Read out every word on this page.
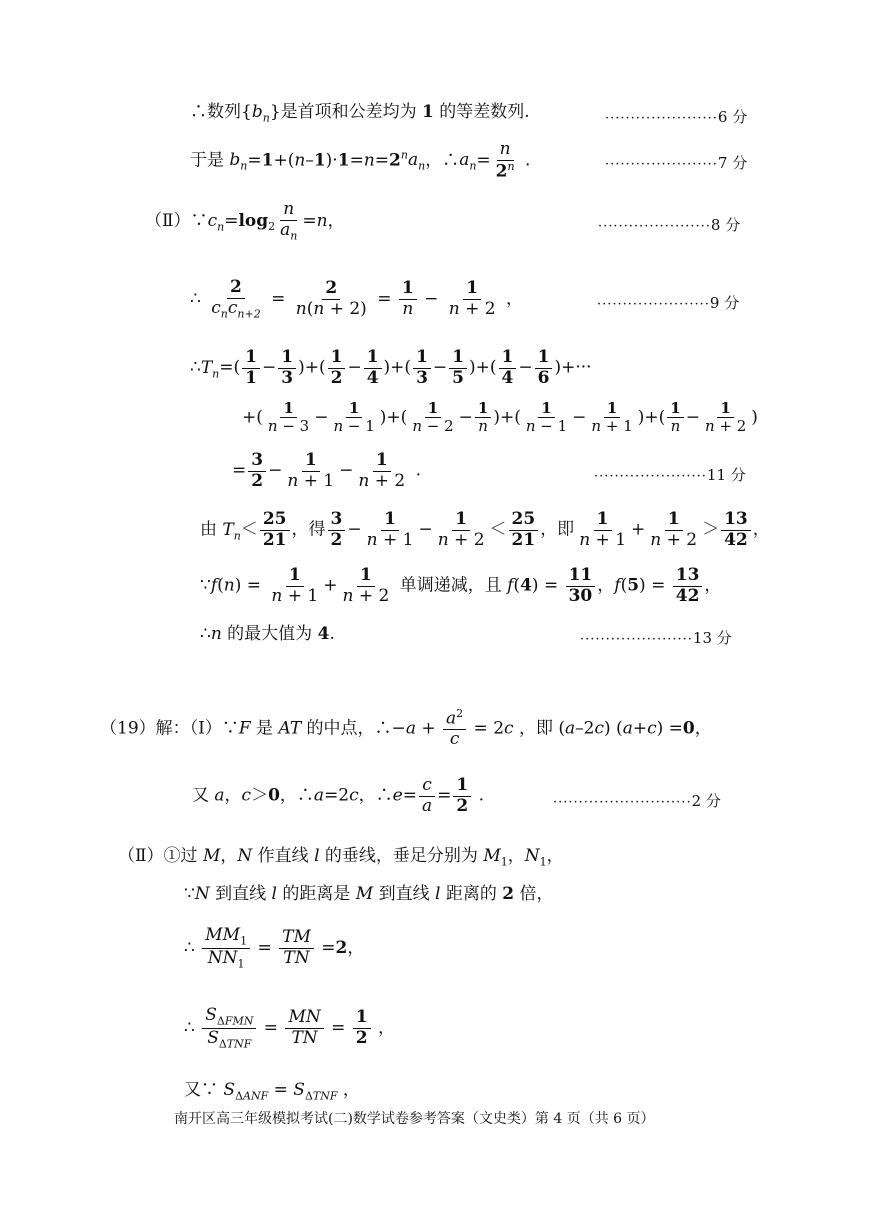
∴数列$\{b_n\}$是首项和公差均为 1 的等差数列.	······················6 分
于是 $b_n=1+(n-1)\cdot 1=n=2^na_n$，$\therefore a_n= \frac{n}{2^n}$ .	······················7 分
$(Ⅱ)\because c_n=\log_2 \frac{n}{a_n} =n$，	······················8 分
∴ $\frac{2}{c_nc_{n+2}} = \frac{2}{n(n + 2)} = \frac{1}{n} - \frac{1}{n + 2}$ ，	······················9 分
$\therefore T_n=( \frac{1}{1} - \frac{1}{3}$ )+( $\frac{1}{2} - \frac{1}{4}$ )+( $\frac{1}{3} - \frac{1}{5}$ )+( $\frac{1}{4} - \frac{1}{6}$ )+···
+( $\frac{1}{n - 3} - \frac{1}{n - 1}$ )+( $\frac{1}{n - 2} - \frac{1}{n}$ )+( $\frac{1}{n - 1} - \frac{1}{n + 1}$ )+( $\frac{1}{n} - \frac{1}{n + 2}$ )
= $\frac{3}{2} - \frac{1}{n + 1} - \frac{1}{n + 2}$ .	······················11 分
由 $T_n< \frac{25}{21}$ ，得 $\frac{3}{2} - \frac{1}{n + 1} - \frac{1}{n + 2} < \frac{25}{21}$ ，即 $\frac{1}{n + 1} + \frac{1}{n + 2} > \frac{13}{42}$ ，
∵f(n) = $\frac{1}{n + 1} + \frac{1}{n + 2}$ 单调递减，且 $f(4) = \frac{11}{30}$ ，$f(5) = \frac{13}{42}$ ，
∴n 的最大值为 4.	······················13 分
（19）解：（Ⅰ）∵F 是 AT 的中点，∴−a + $\frac{a^2}{c} = 2c$ ，即 (a–2c) (a+c) =0，
又 a，c＞0，∴a=2c，∴e= $\frac{c}{a} = \frac{1}{2}$ .	···························2 分
（Ⅱ）①过 M，N 作直线 l 的垂线，垂足分别为 $M_1$，$N_1$，
∵N 到直线 l 的距离是 M 到直线 l 距离的 2 倍，
∴ $\frac{MM_1}{NN_1} = \frac{TM}{TN} =2$，
∴ $\frac{S_{\Delta FMN}}{S_{\Delta TNF}} = \frac{MN}{TN} = \frac{1}{2}$ ，
又∵ $S_{\Delta ANF} = S_{\Delta TNF}$ ，
南开区高三年级模拟考试(二)数学试卷参考答案（文史类）第 4 页（共 6 页）
